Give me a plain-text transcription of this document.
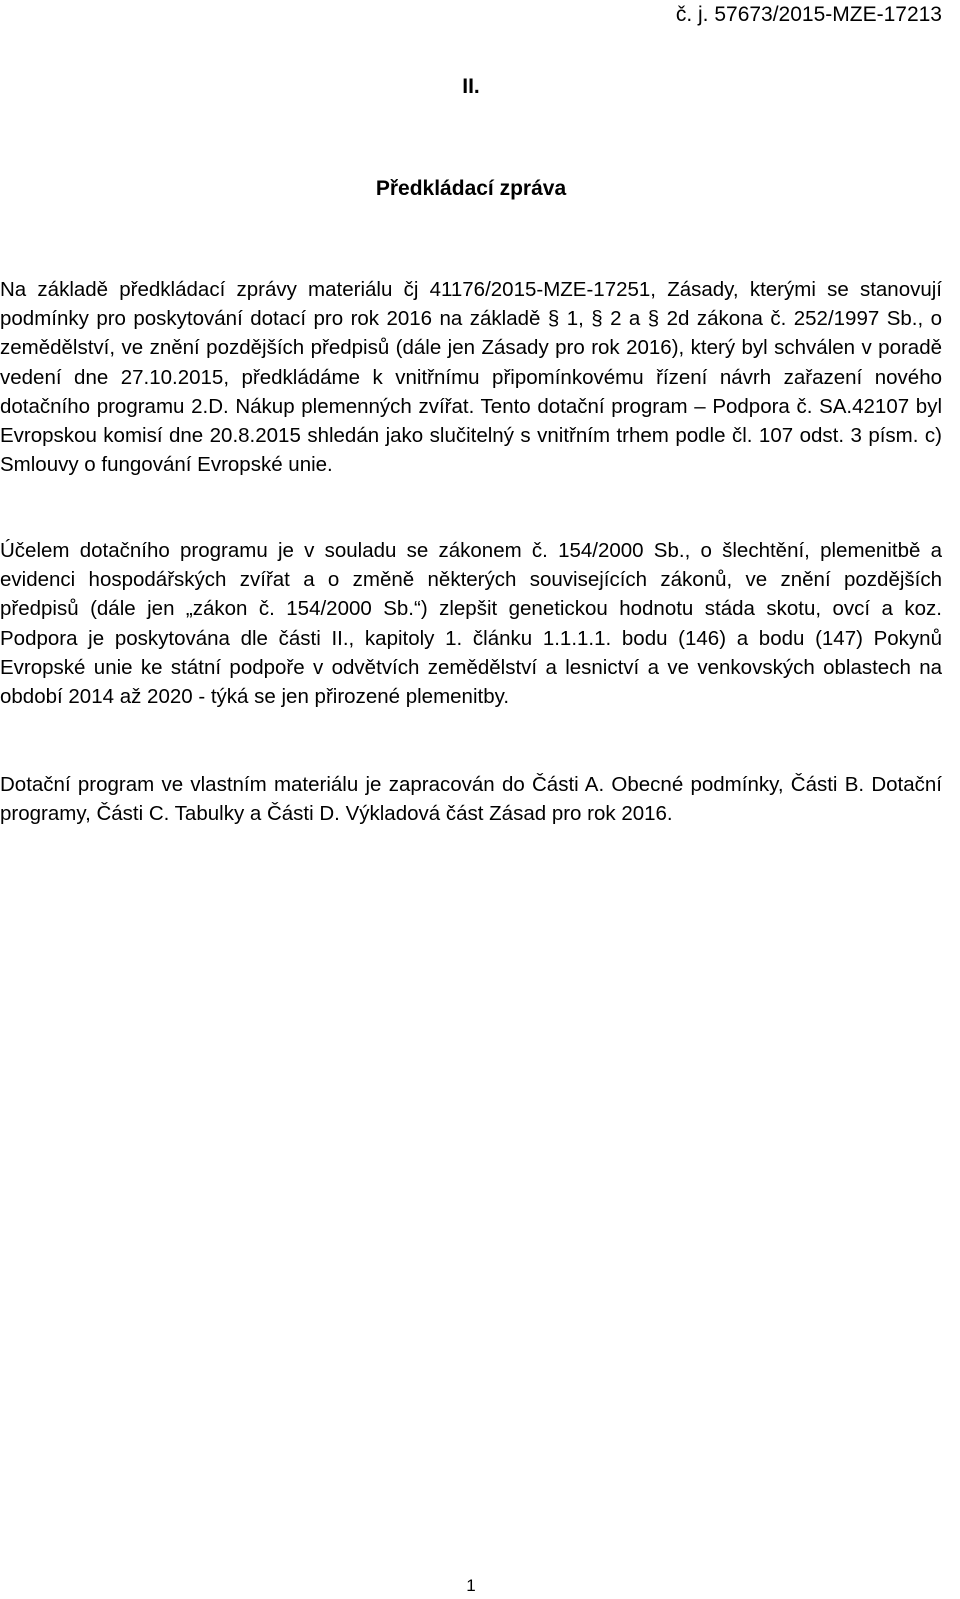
č. j. 57673/2015-MZE-17213
II.
Předkládací zpráva

Na základě předkládací zprávy materiálu čj 41176/2015-MZE-17251, Zásady, kterými se stanovují podmínky pro poskytování dotací pro rok 2016 na základě § 1, § 2 a § 2d zákona č. 252/1997 Sb., o zemědělství, ve znění pozdějších předpisů (dále jen Zásady pro rok 2016), který byl schválen v poradě vedení dne 27.10.2015, předkládáme k vnitřnímu připomínkovému řízení návrh zařazení nového dotačního programu 2.D. Nákup plemenných zvířat. Tento dotační program – Podpora č. SA.42107 byl Evropskou komisí dne 20.8.2015 shledán jako slučitelný s vnitřním trhem podle čl. 107 odst. 3 písm. c) Smlouvy o fungování Evropské unie.

Účelem dotačního programu je v souladu se zákonem č. 154/2000 Sb., o šlechtění, plemenitbě a evidenci hospodářských zvířat a o změně některých souvisejících zákonů, ve znění pozdějších předpisů (dále jen „zákon č. 154/2000 Sb.“) zlepšit genetickou hodnotu stáda skotu, ovcí a koz. Podpora je poskytována dle části II., kapitoly 1. článku 1.1.1.1. bodu (146) a bodu (147) Pokynů Evropské unie ke státní podpoře v odvětvích zemědělství a lesnictví a ve venkovských oblastech na období 2014 až 2020 - týká se jen přirozené plemenitby.

Dotační program ve vlastním materiálu je zapracován do Části A. Obecné podmínky, Části B. Dotační programy, Části C. Tabulky a Části D. Výkladová část Zásad pro rok 2016.

1
